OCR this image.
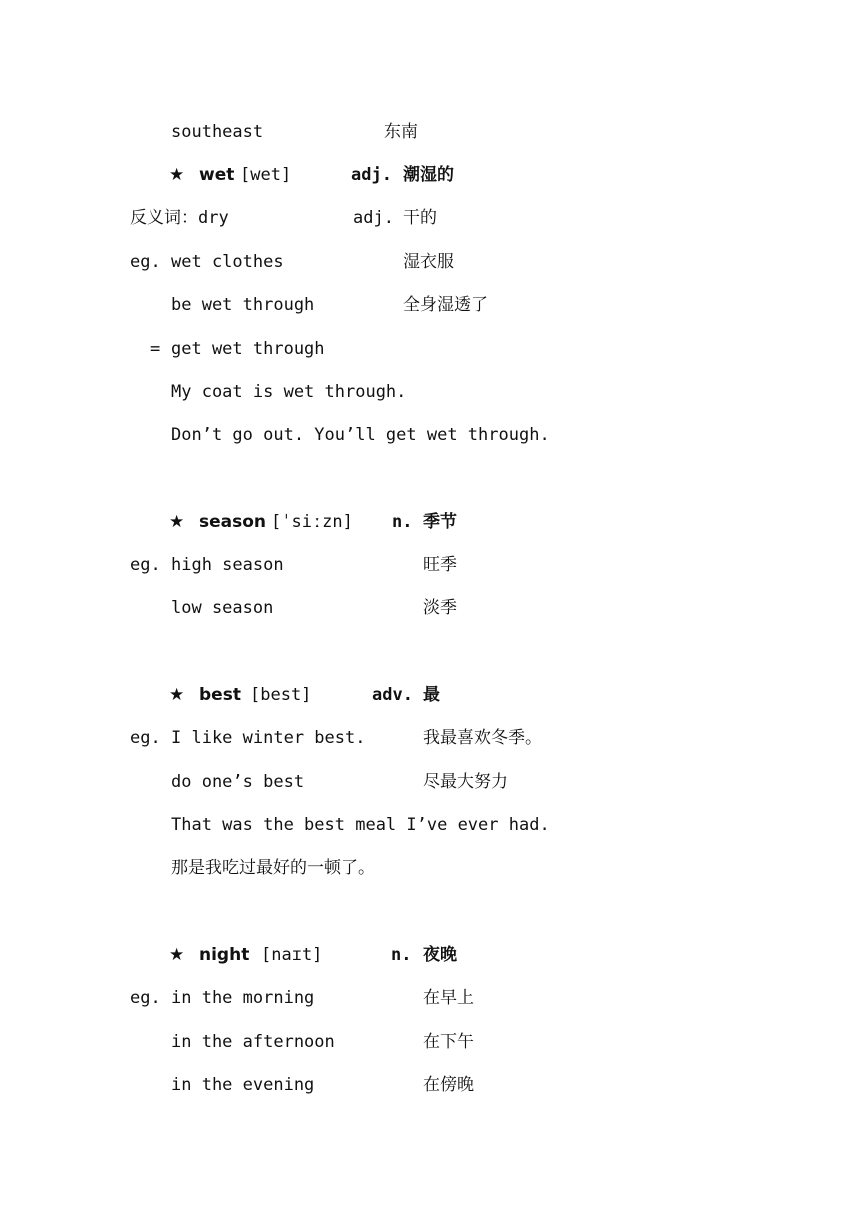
southeast	东南
★ wet [wet]	adj. 潮湿的
反义词：dry	adj. 干的
eg. wet clothes	湿衣服
be wet through	全身湿透了
= get wet through
My coat is wet through.
Don’t go out. You’ll get wet through.
★ season [ˈsiːzn] n. 季节
eg. high season	旺季
low season	淡季
★ best [best]	adv. 最
eg. I like winter best.	我最喜欢冬季。
do one’s best	尽最大努力
That was the best meal I’ve ever had.
那是我吃过最好的一顿了。
★ night [naɪt]	n. 夜晚
eg. in the morning	在早上
in the afternoon	在下午
in the evening	在傍晚
